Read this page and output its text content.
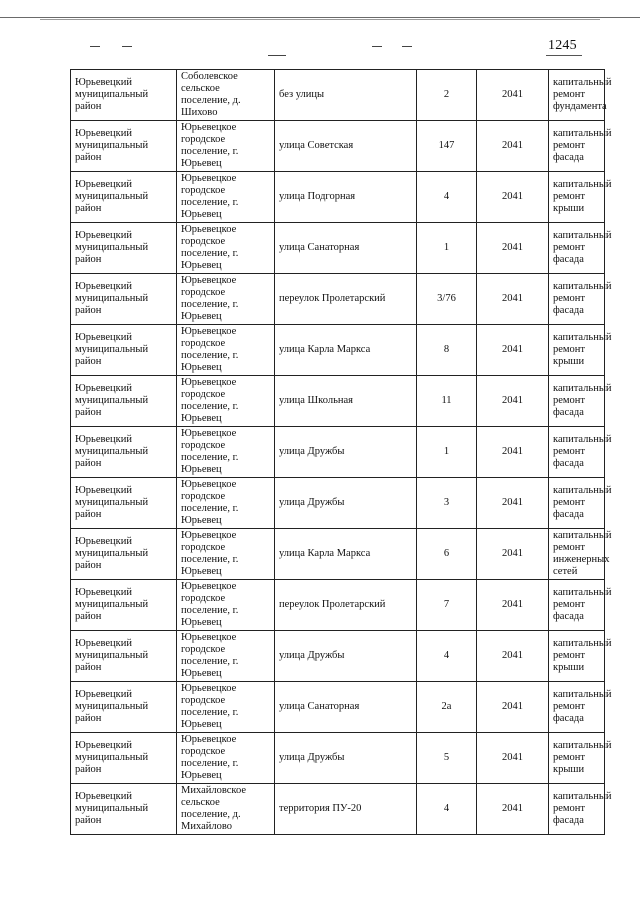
1245
Юрьевецкий муниципальный район	Соболевское сельское поселение, д. Шихово	без улицы	2	2041	капитальный ремонт фундамента
Юрьевецкий муниципальный район	Юрьевецкое городское поселение, г. Юрьевец	улица Советская	147	2041	капитальный ремонт фасада
Юрьевецкий муниципальный район	Юрьевецкое городское поселение, г. Юрьевец	улица Подгорная	4	2041	капитальный ремонт крыши
Юрьевецкий муниципальный район	Юрьевецкое городское поселение, г. Юрьевец	улица Санаторная	1	2041	капитальный ремонт фасада
Юрьевецкий муниципальный район	Юрьевецкое городское поселение, г. Юрьевец	переулок Пролетарский	3/76	2041	капитальный ремонт фасада
Юрьевецкий муниципальный район	Юрьевецкое городское поселение, г. Юрьевец	улица Карла Маркса	8	2041	капитальный ремонт крыши
Юрьевецкий муниципальный район	Юрьевецкое городское поселение, г. Юрьевец	улица Школьная	11	2041	капитальный ремонт фасада
Юрьевецкий муниципальный район	Юрьевецкое городское поселение, г. Юрьевец	улица Дружбы	1	2041	капитальный ремонт фасада
Юрьевецкий муниципальный район	Юрьевецкое городское поселение, г. Юрьевец	улица Дружбы	3	2041	капитальный ремонт фасада
Юрьевецкий муниципальный район	Юрьевецкое городское поселение, г. Юрьевец	улица Карла Маркса	6	2041	капитальный ремонт инженерных сетей
Юрьевецкий муниципальный район	Юрьевецкое городское поселение, г. Юрьевец	переулок Пролетарский	7	2041	капитальный ремонт фасада
Юрьевецкий муниципальный район	Юрьевецкое городское поселение, г. Юрьевец	улица Дружбы	4	2041	капитальный ремонт крыши
Юрьевецкий муниципальный район	Юрьевецкое городское поселение, г. Юрьевец	улица Санаторная	2а	2041	капитальный ремонт фасада
Юрьевецкий муниципальный район	Юрьевецкое городское поселение, г. Юрьевец	улица Дружбы	5	2041	капитальный ремонт крыши
Юрьевецкий муниципальный район	Михайловское сельское поселение, д. Михайлово	территория ПУ-20	4	2041	капитальный ремонт фасада
